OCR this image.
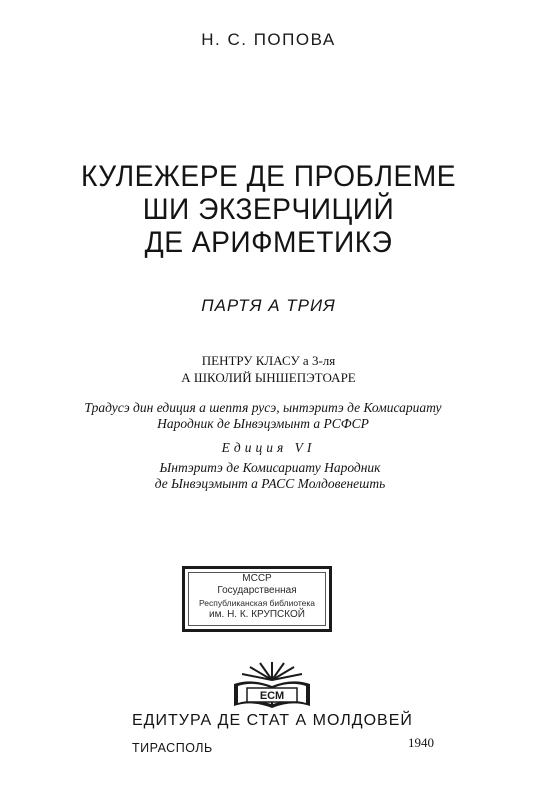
Н. С. ПОПОВА
КУЛЕЖЕРЕ ДЕ ПРОБЛЕМЕ
ШИ ЭКЗЕРЧИЦИЙ
ДЕ АРИФМЕТИКЭ
ПАРТЯ А ТРИЯ
ПЕНТРУ КЛАСУ а 3-ля
А ШКОЛИЙ ЫНШЕПЭТОАРЕ
Традусэ дин едиция а шептя русэ, ынтэритэ де Комисариату
Народник де Ынвэцэмынт а РСФСР
Едиция VI
Ынтэритэ де Комисариату Народник
де Ынвэцэмынт а РАСС Молдовенешть
МССР
Государственная
Республиканская библиотека
им. Н. К. КРУПСКОЙ
ЕСМ
ЕДИТУРА ДЕ СТАТ А МОЛДОВЕЙ
ТИРАСПОЛЬ	1940
